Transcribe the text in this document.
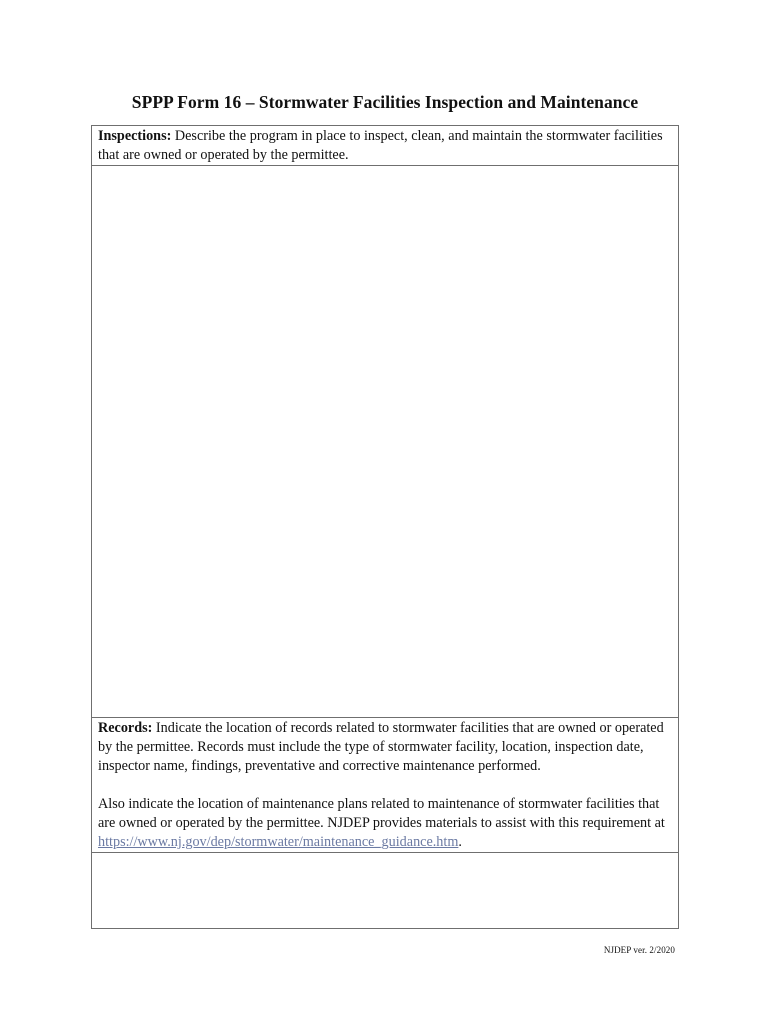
SPPP Form 16 – Stormwater Facilities Inspection and Maintenance
Inspections: Describe the program in place to inspect, clean, and maintain the stormwater facilities that are owned or operated by the permittee.

Records: Indicate the location of records related to stormwater facilities that are owned or operated by the permittee. Records must include the type of stormwater facility, location, inspection date, inspector name, findings, preventative and corrective maintenance performed.

Also indicate the location of maintenance plans related to maintenance of stormwater facilities that are owned or operated by the permittee. NJDEP provides materials to assist with this requirement at https://www.nj.gov/dep/stormwater/maintenance_guidance.htm.

NJDEP ver. 2/2020
